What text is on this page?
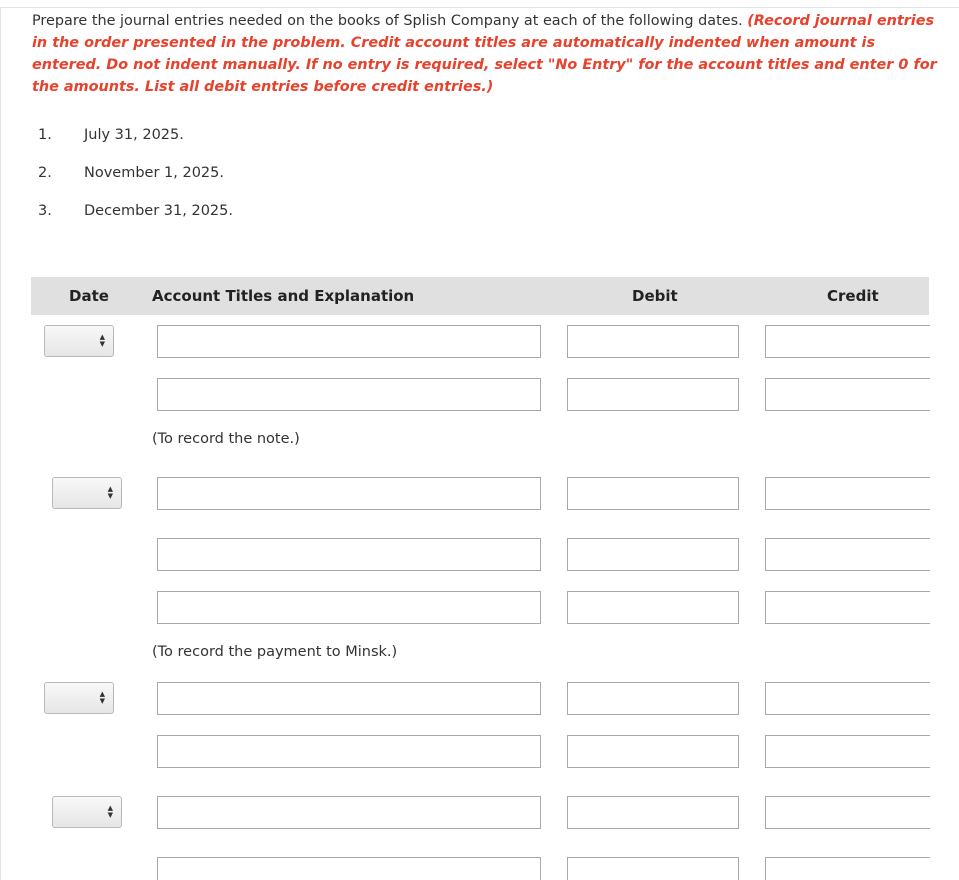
Prepare the journal entries needed on the books of Splish Company at each of the following dates. (Record journal entries in the order presented in the problem. Credit account titles are automatically indented when amount is entered. Do not indent manually. If no entry is required, select "No Entry" for the account titles and enter 0 for the amounts. List all debit entries before credit entries.)
1.	July 31, 2025.
2.	November 1, 2025.
3.	December 31, 2025.
Date	Account Titles and Explanation	Debit	Credit
▲
▼
(To record the note.)
▲
▼
(To record the payment to Minsk.)
▲
▼
▲
▼
